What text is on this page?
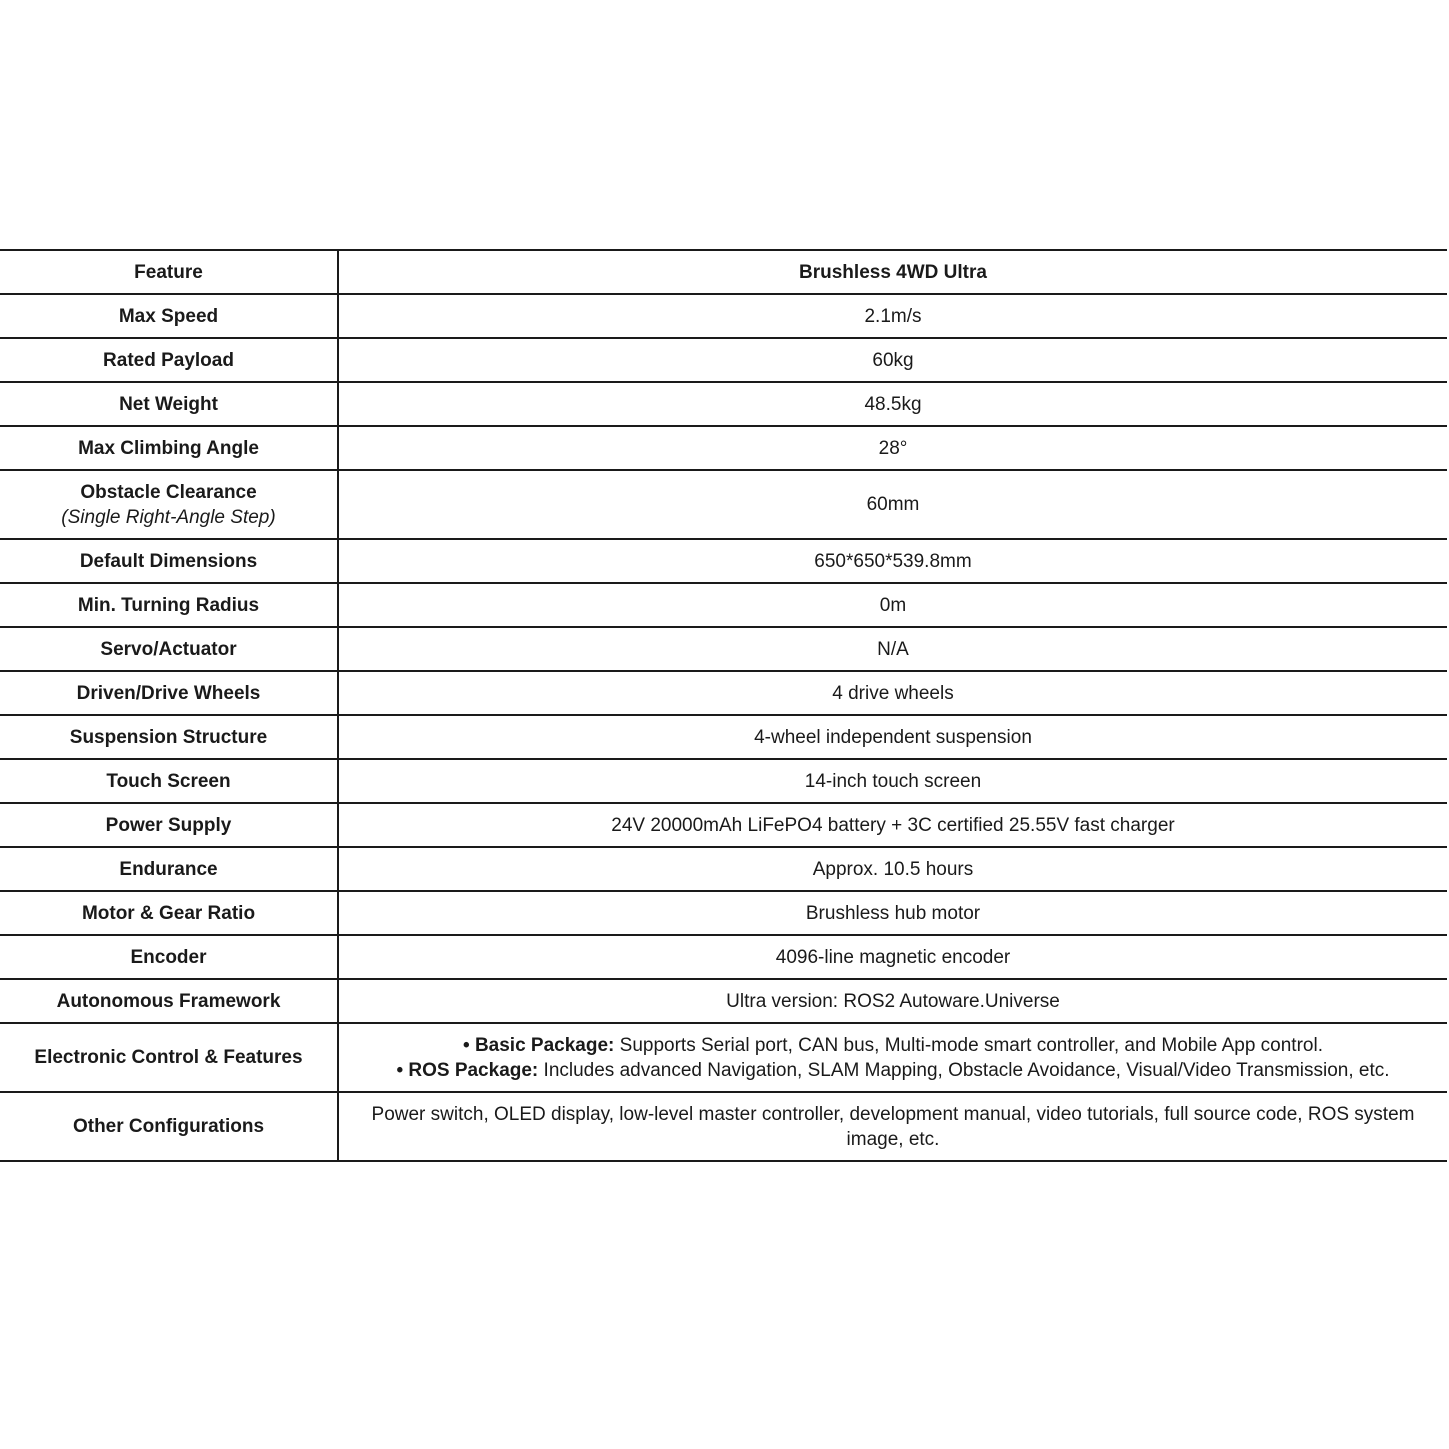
Feature	Brushless 4WD Ultra
Max Speed	2.1m/s
Rated Payload	60kg
Net Weight	48.5kg
Max Climbing Angle	28°
Obstacle Clearance
(Single Right-Angle Step)	60mm
Default Dimensions	650*650*539.8mm
Min. Turning Radius	0m
Servo/Actuator	N/A
Driven/Drive Wheels	4 drive wheels
Suspension Structure	4-wheel independent suspension
Touch Screen	14-inch touch screen
Power Supply	24V 20000mAh LiFePO4 battery + 3C certified 25.55V fast charger
Endurance	Approx. 10.5 hours
Motor & Gear Ratio	Brushless hub motor
Encoder	4096-line magnetic encoder
Autonomous Framework	Ultra version: ROS2 Autoware.Universe
Electronic Control & Features	• Basic Package: Supports Serial port, CAN bus, Multi-mode smart controller, and Mobile App control.
• ROS Package: Includes advanced Navigation, SLAM Mapping, Obstacle Avoidance, Visual/Video Transmission, etc.

Other Configurations	Power switch, OLED display, low-level master controller, development manual, video tutorials, full source code, ROS system image, etc.
